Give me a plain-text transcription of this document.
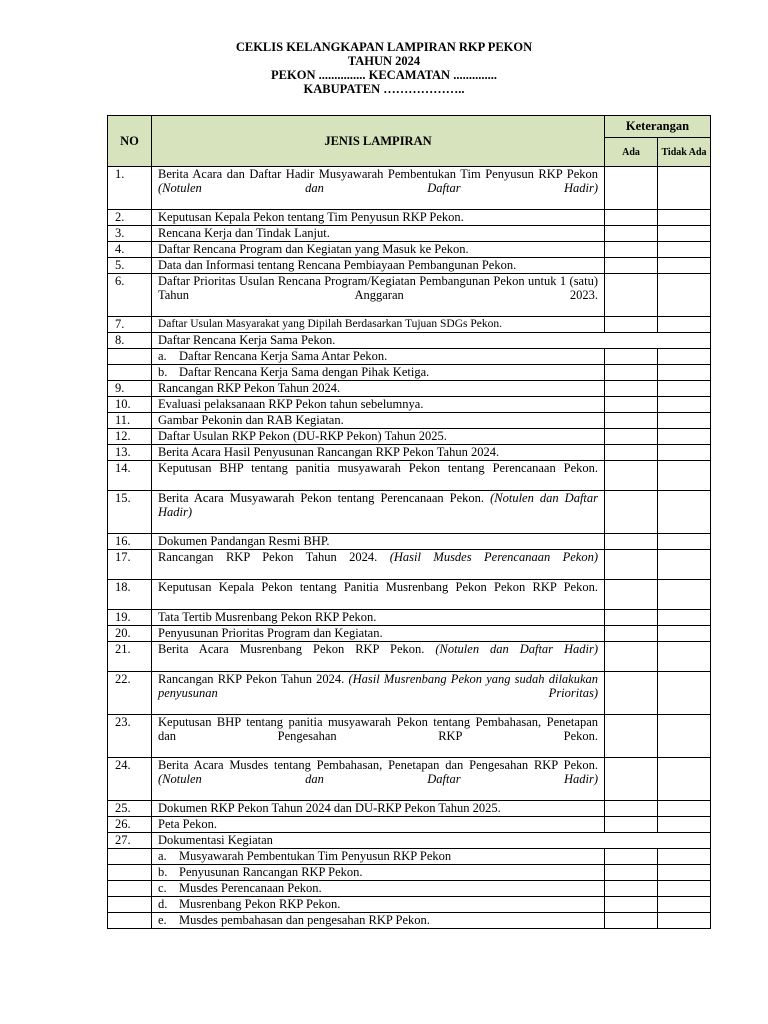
CEKLIS KELANGKAPAN LAMPIRAN RKP PEKON
TAHUN 2024
PEKON ............... KECAMATAN ..............
KABUPATEN ………………..
NO	JENIS LAMPIRAN	Keterangan	
		Ada	Tidak Ada
1.	Berita Acara dan Daftar Hadir Musyawarah Pembentukan Tim Penyusun RKP Pekon (Notulen dan Daftar Hadir)		
2.	Keputusan Kepala Pekon tentang Tim Penyusun RKP Pekon.		
3.	Rencana Kerja dan Tindak Lanjut.		
4.	Daftar Rencana Program dan Kegiatan yang Masuk ke Pekon.		
5.	Data dan Informasi tentang Rencana Pembiayaan Pembangunan Pekon.		
6.	Daftar Prioritas Usulan Rencana Program/Kegiatan Pembangunan Pekon untuk 1 (satu) Tahun Anggaran 2023.		
7.	Daftar Usulan Masyarakat yang Dipilah Berdasarkan Tujuan SDGs Pekon.		
8.	Daftar Rencana Kerja Sama Pekon.		
	a. Daftar Rencana Kerja Sama Antar Pekon.		
	b. Daftar Rencana Kerja Sama dengan Pihak Ketiga.		
9.	Rancangan RKP Pekon Tahun 2024.		
10.	Evaluasi pelaksanaan RKP Pekon tahun sebelumnya.		
11.	Gambar Pekonin dan RAB Kegiatan.		
12.	Daftar Usulan RKP Pekon (DU-RKP Pekon) Tahun 2025.		
13.	Berita Acara Hasil Penyusunan Rancangan RKP Pekon Tahun 2024.		
14.	Keputusan BHP tentang panitia musyawarah Pekon tentang Perencanaan Pekon.		
15.	Berita Acara Musyawarah Pekon tentang Perencanaan Pekon. (Notulen dan Daftar Hadir)		
16.	Dokumen Pandangan Resmi BHP.		
17.	Rancangan RKP Pekon Tahun 2024. (Hasil Musdes Perencanaan Pekon)		
18.	Keputusan Kepala Pekon tentang Panitia Musrenbang Pekon Pekon RKP Pekon.		
19.	Tata Tertib Musrenbang Pekon RKP Pekon.		
20.	Penyusunan Prioritas Program dan Kegiatan.		
21.	Berita Acara Musrenbang Pekon RKP Pekon. (Notulen dan Daftar Hadir)		
22.	Rancangan RKP Pekon Tahun 2024. (Hasil Musrenbang Pekon yang sudah dilakukan penyusunan Prioritas)		
23.	Keputusan BHP tentang panitia musyawarah Pekon tentang Pembahasan, Penetapan dan Pengesahan RKP Pekon.		
24.	Berita Acara Musdes tentang Pembahasan, Penetapan dan Pengesahan RKP Pekon. (Notulen dan Daftar Hadir)		
25.	Dokumen RKP Pekon Tahun 2024 dan DU-RKP Pekon Tahun 2025.		
26.	Peta Pekon.		
27.	Dokumentasi Kegiatan		
	a. Musyawarah Pembentukan Tim Penyusun RKP Pekon		
	b. Penyusunan Rancangan RKP Pekon.		
	c. Musdes Perencanaan Pekon.		
	d. Musrenbang Pekon RKP Pekon.		
	e. Musdes pembahasan dan pengesahan RKP Pekon.		
